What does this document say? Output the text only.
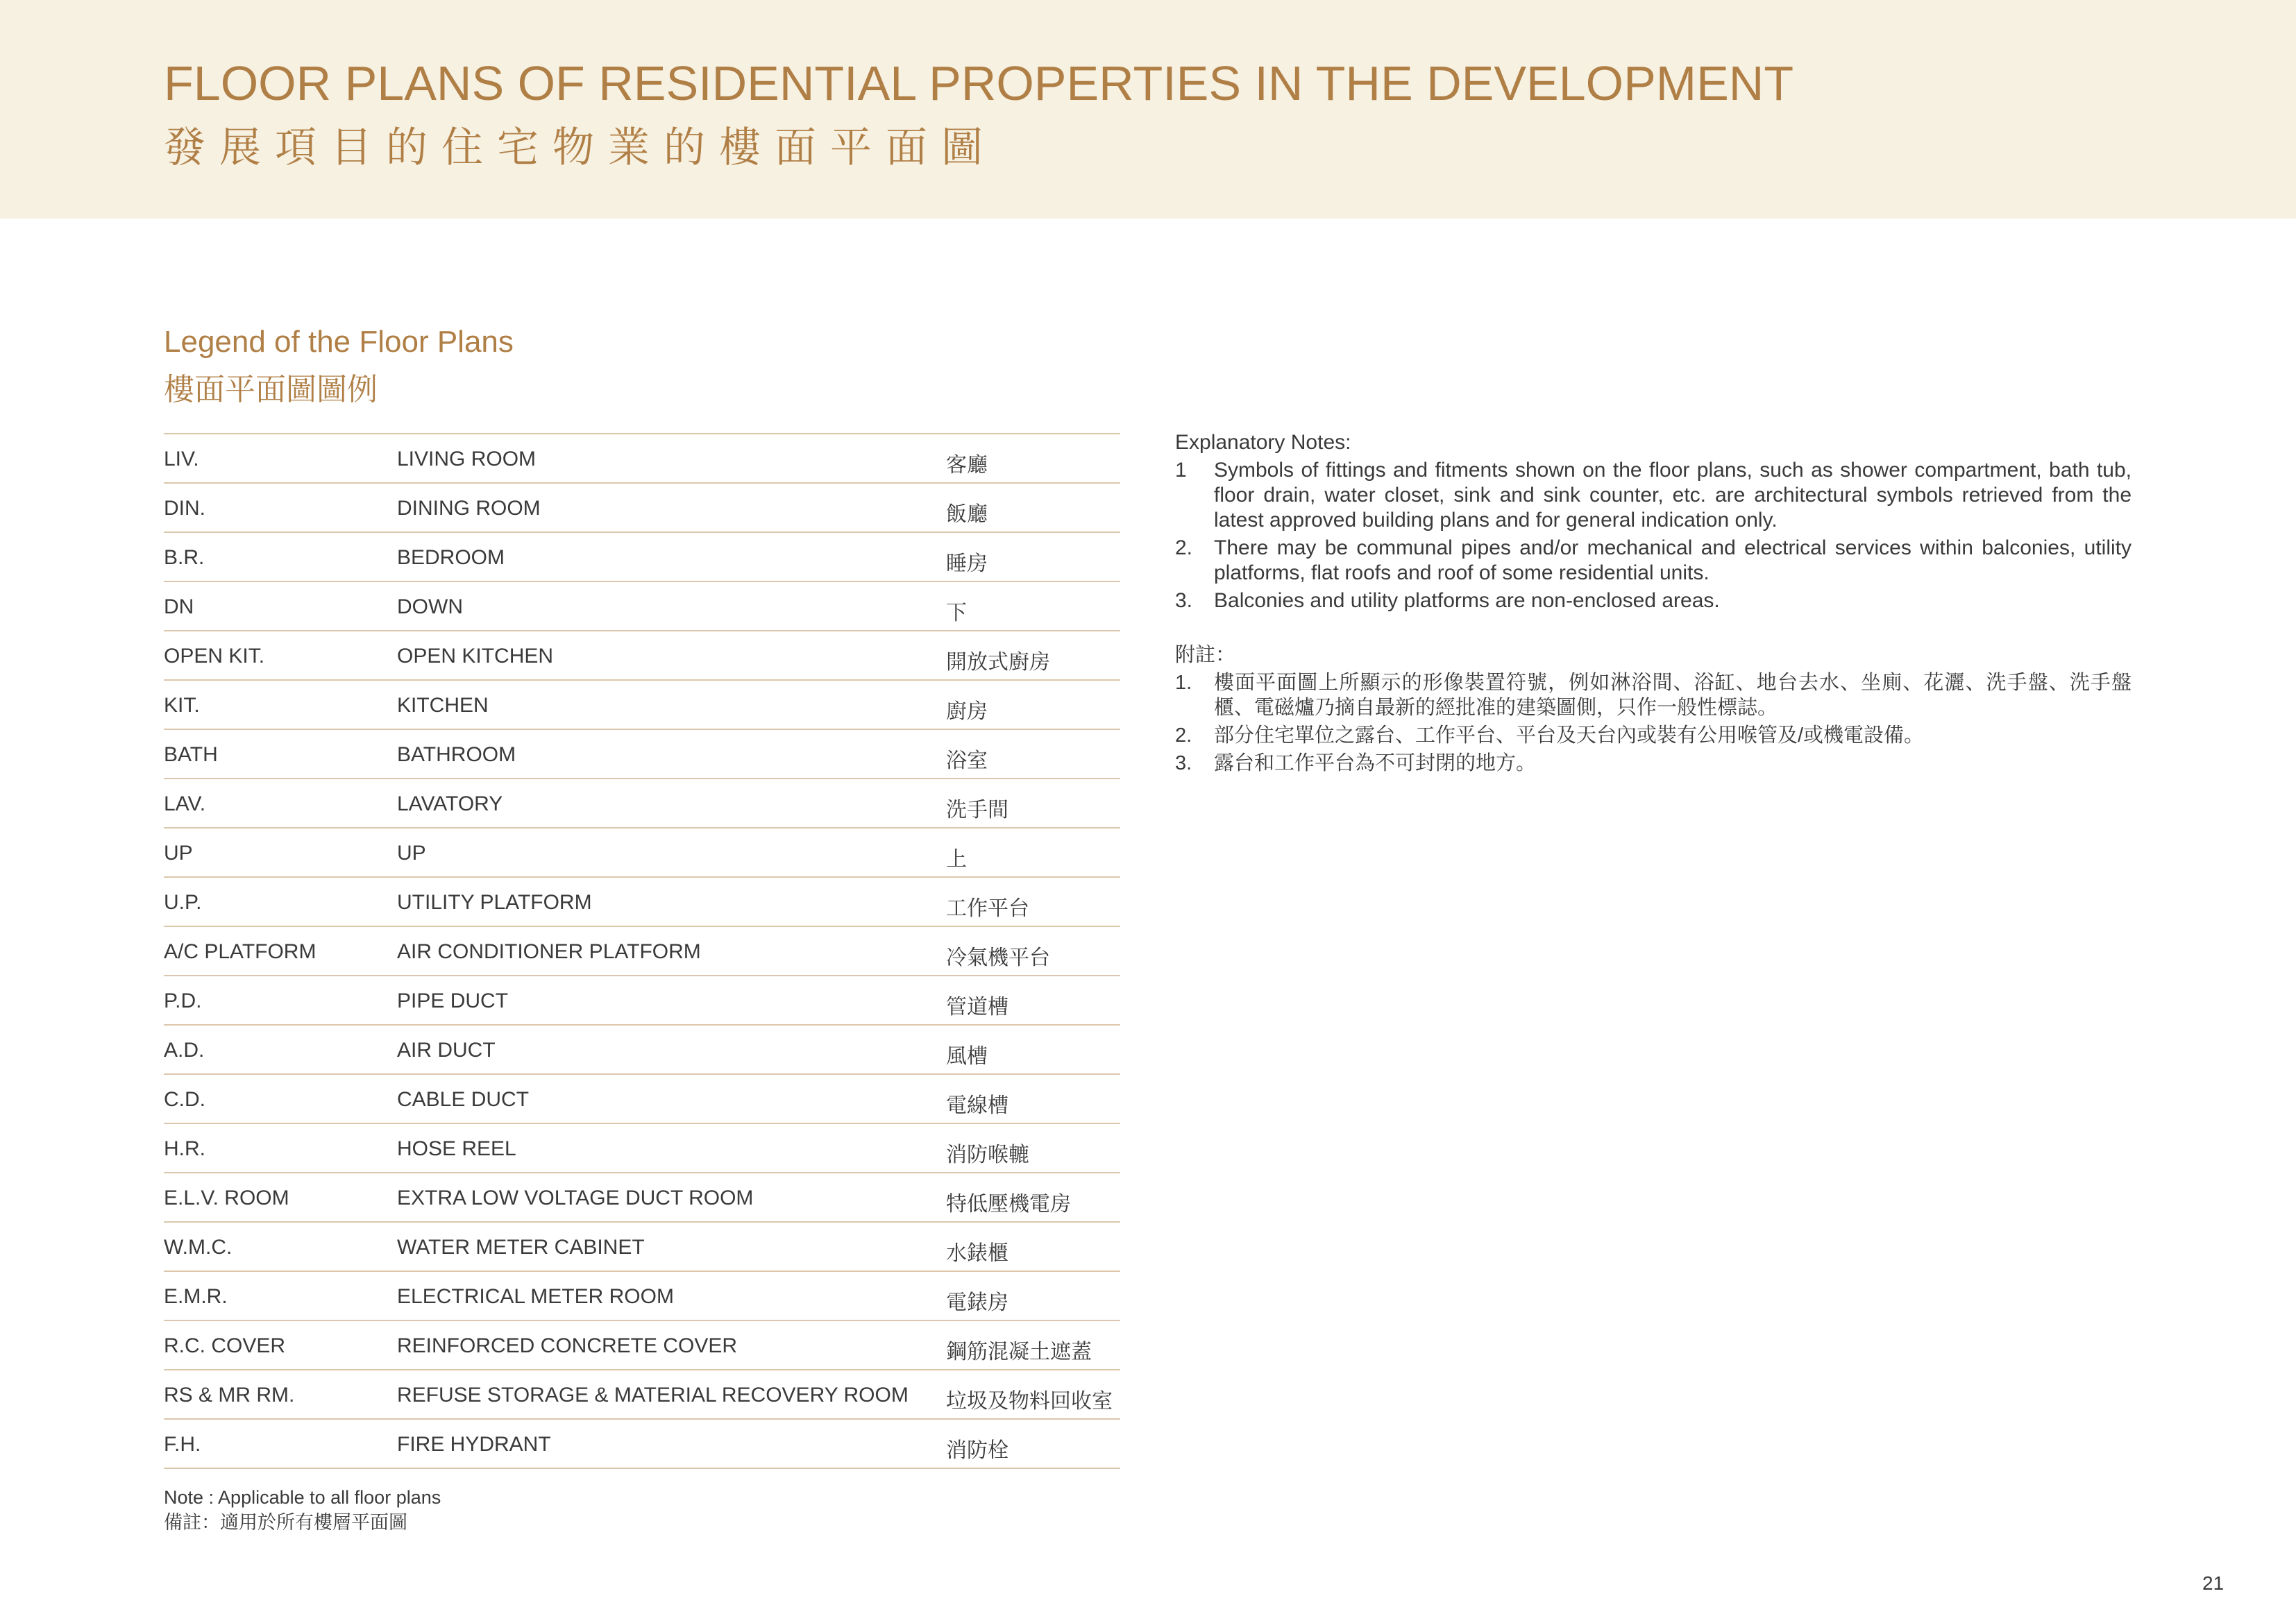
FLOOR PLANS OF RESIDENTIAL PROPERTIES IN THE DEVELOPMENT
發展項目的住宅物業的樓面平面圖
Legend of the Floor Plans
樓面平面圖圖例
LIV.	LIVING ROOM	客廳
DIN.	DINING ROOM	飯廳
B.R.	BEDROOM	睡房
DN	DOWN	下
OPEN KIT.	OPEN KITCHEN	開放式廚房
KIT.	KITCHEN	廚房
BATH	BATHROOM	浴室
LAV.	LAVATORY	洗手間
UP	UP	上
U.P.	UTILITY PLATFORM	工作平台
A/C PLATFORM	AIR CONDITIONER PLATFORM	冷氣機平台
P.D.	PIPE DUCT	管道槽
A.D.	AIR DUCT	風槽
C.D.	CABLE DUCT	電線槽
H.R.	HOSE REEL	消防喉轆
E.L.V. ROOM	EXTRA LOW VOLTAGE DUCT ROOM	特低壓機電房
W.M.C.	WATER METER CABINET	水錶櫃
E.M.R.	ELECTRICAL METER ROOM	電錶房
R.C. COVER	REINFORCED CONCRETE COVER	鋼筋混凝土遮蓋
RS & MR RM.	REFUSE STORAGE & MATERIAL RECOVERY ROOM 垃圾及物料回收室
F.H.	FIRE HYDRANT	消防栓
Note : Applicable to all floor plans
備註：適用於所有樓層平面圖
Explanatory Notes:
1 Symbols of fittings and fitments shown on the floor plans, such as shower compartment, bath tub, floor drain, water closet, sink and sink counter, etc. are architectural symbols retrieved from the latest approved building plans and for general indication only.
2. There may be communal pipes and/or mechanical and electrical services within balconies, utility platforms, flat roofs and roof of some residential units.
3. Balconies and utility platforms are non-enclosed areas.
附註：
1. 樓面平面圖上所顯示的形像裝置符號，例如淋浴間、浴缸、地台去水、坐廁、花灑、洗手盤、洗手盤櫃、電磁爐乃摘自最新的經批准的建築圖側，只作一般性標誌。
2. 部分住宅單位之露台、工作平台、平台及天台內或裝有公用喉管及/或機電設備。
3. 露台和工作平台為不可封閉的地方。
21
